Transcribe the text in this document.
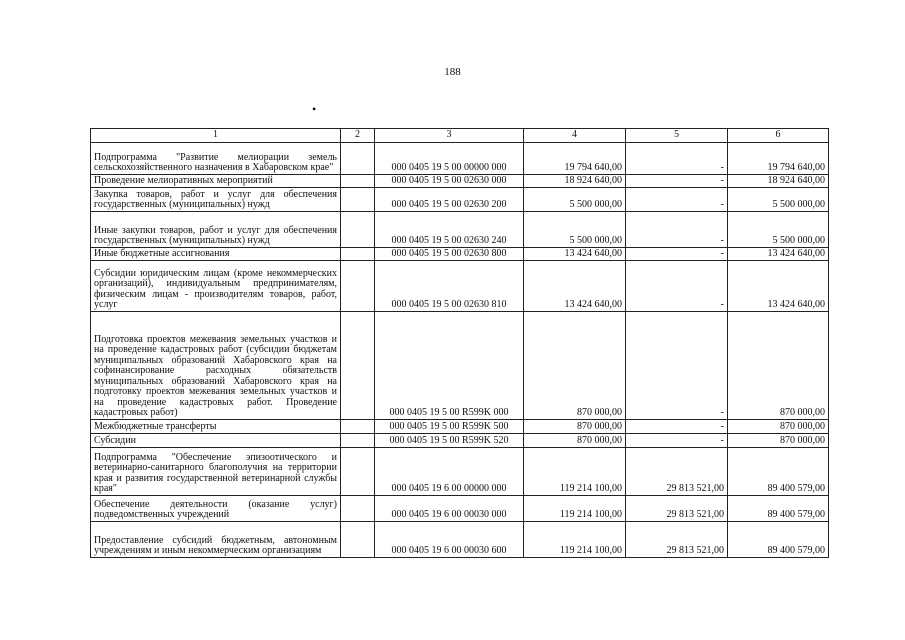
188
•
1	2	3	4	5	6
Подпрограмма "Развитие мелиорации земель сельскохозяйственного назначения в Хабаровском крае"		000 0405 19 5 00 00000 000	19 794 640,00	-	19 794 640,00
Проведение мелиоративных мероприятий		000 0405 19 5 00 02630 000	18 924 640,00	-	18 924 640,00
Закупка товаров, работ и услуг для обеспечения государственных (муниципальных) нужд		000 0405 19 5 00 02630 200	5 500 000,00	-	5 500 000,00
Иные закупки товаров, работ и услуг для обеспечения государственных (муниципальных) нужд		000 0405 19 5 00 02630 240	5 500 000,00	-	5 500 000,00
Иные бюджетные ассигнования		000 0405 19 5 00 02630 800	13 424 640,00	-	13 424 640,00
Субсидии юридическим лицам (кроме некоммерческих организаций), индивидуальным предпринимателям, физическим лицам - производителям товаров, работ, услуг		000 0405 19 5 00 02630 810	13 424 640,00	-	13 424 640,00
Подготовка проектов межевания земельных участков и на проведение кадастровых работ (субсидии бюджетам муниципальных образований Хабаровского края на софинансирование расходных обязательств муниципальных образований Хабаровского края на подготовку проектов межевания земельных участков и на проведение кадастровых работ. Проведение кадастровых работ)		000 0405 19 5 00 R599K 000	870 000,00	-	870 000,00
Межбюджетные трансферты		000 0405 19 5 00 R599K 500	870 000,00	-	870 000,00
Субсидии		000 0405 19 5 00 R599K 520	870 000,00	-	870 000,00
Подпрограмма "Обеспечение эпизоотического и ветеринарно-санитарного благополучия на территории края и развития государственной ветеринарной службы края"		000 0405 19 6 00 00000 000	119 214 100,00	29 813 521,00	89 400 579,00
Обеспечение деятельности (оказание услуг) подведомственных учреждений		000 0405 19 6 00 00030 000	119 214 100,00	29 813 521,00	89 400 579,00
Предоставление субсидий бюджетным, автономным учреждениям и иным некоммерческим организациям		000 0405 19 6 00 00030 600	119 214 100,00	29 813 521,00	89 400 579,00
